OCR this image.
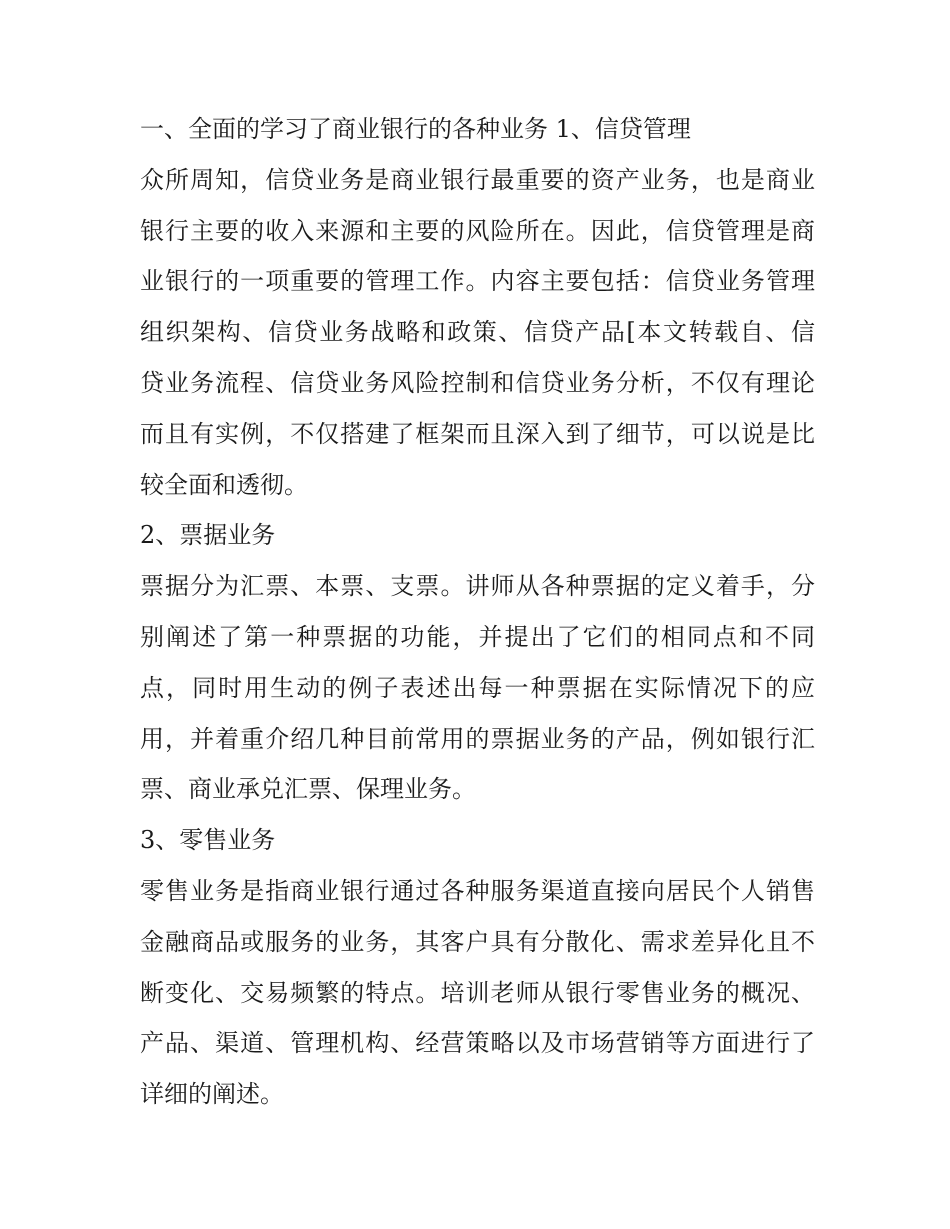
一、全面的学习了商业银行的各种业务 1、信贷管理
众所周知，信贷业务是商业银行最重要的资产业务，也是商业
银行主要的收入来源和主要的风险所在。因此，信贷管理是商
业银行的一项重要的管理工作。内容主要包括：信贷业务管理
组织架构、信贷业务战略和政策、信贷产品[本文转载自、信
贷业务流程、信贷业务风险控制和信贷业务分析，不仅有理论
而且有实例，不仅搭建了框架而且深入到了细节，可以说是比
较全面和透彻。
2、票据业务
票据分为汇票、本票、支票。讲师从各种票据的定义着手，分
别阐述了第一种票据的功能，并提出了它们的相同点和不同
点，同时用生动的例子表述出每一种票据在实际情况下的应
用，并着重介绍几种目前常用的票据业务的产品，例如银行汇
票、商业承兑汇票、保理业务。
3、零售业务
零售业务是指商业银行通过各种服务渠道直接向居民个人销售
金融商品或服务的业务，其客户具有分散化、需求差异化且不
断变化、交易频繁的特点。培训老师从银行零售业务的概况、
产品、渠道、管理机构、经营策略以及市场营销等方面进行了
详细的阐述。
